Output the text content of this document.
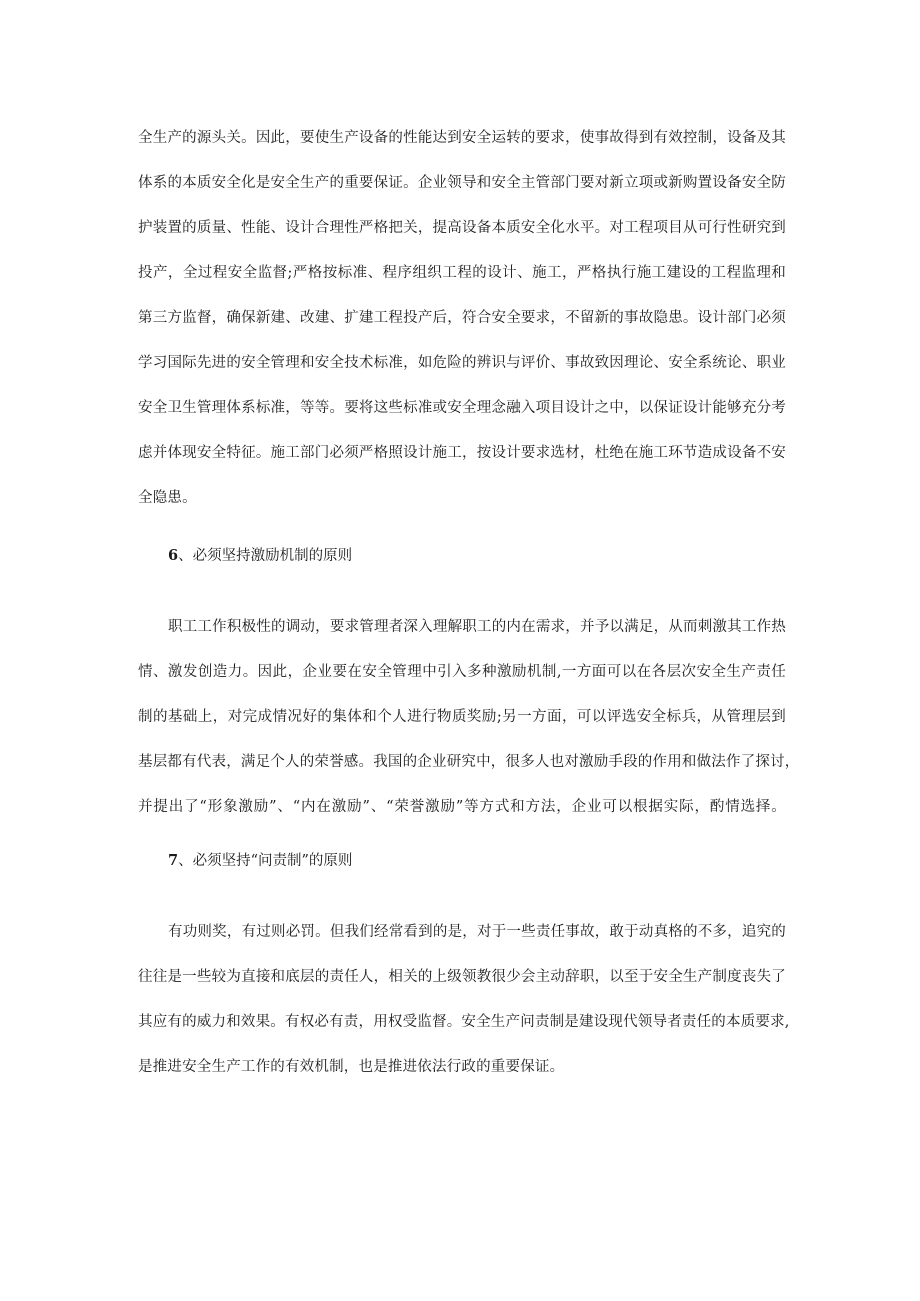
全生产的源头关。因此，要使生产设备的性能达到安全运转的要求，使事故得到有效控制，设备及其
体系的本质安全化是安全生产的重要保证。企业领导和安全主管部门要对新立项或新购置设备安全防
护装置的质量、性能、设计合理性严格把关，提高设备本质安全化水平。对工程项目从可行性研究到
投产，全过程安全监督;严格按标准、程序组织工程的设计、施工，严格执行施工建设的工程监理和
第三方监督，确保新建、改建、扩建工程投产后，符合安全要求，不留新的事故隐患。设计部门必须
学习国际先进的安全管理和安全技术标准，如危险的辨识与评价、事故致因理论、安全系统论、职业
安全卫生管理体系标准，等等。要将这些标准或安全理念融入项目设计之中，以保证设计能够充分考
虑并体现安全特征。施工部门必须严格照设计施工，按设计要求选材，杜绝在施工环节造成设备不安
全隐患。
6、必须坚持激励机制的原则
职工工作积极性的调动，要求管理者深入理解职工的内在需求，并予以满足，从而刺激其工作热
情、激发创造力。因此，企业要在安全管理中引入多种激励机制,一方面可以在各层次安全生产责任
制的基础上，对完成情况好的集体和个人进行物质奖励;另一方面，可以评选安全标兵，从管理层到
基层都有代表，满足个人的荣誉感。我国的企业研究中，很多人也对激励手段的作用和做法作了探讨，
并提出了“形象激励”、“内在激励”、“荣誉激励”等方式和方法，企业可以根据实际，酌情选择。
7、必须坚持“问责制”的原则
有功则奖，有过则必罚。但我们经常看到的是，对于一些责任事故，敢于动真格的不多，追究的
往往是一些较为直接和底层的责任人，相关的上级领教很少会主动辞职，以至于安全生产制度丧失了
其应有的威力和效果。有权必有责，用权受监督。安全生产问责制是建设现代领导者责任的本质要求,
是推进安全生产工作的有效机制，也是推进依法行政的重要保证。
